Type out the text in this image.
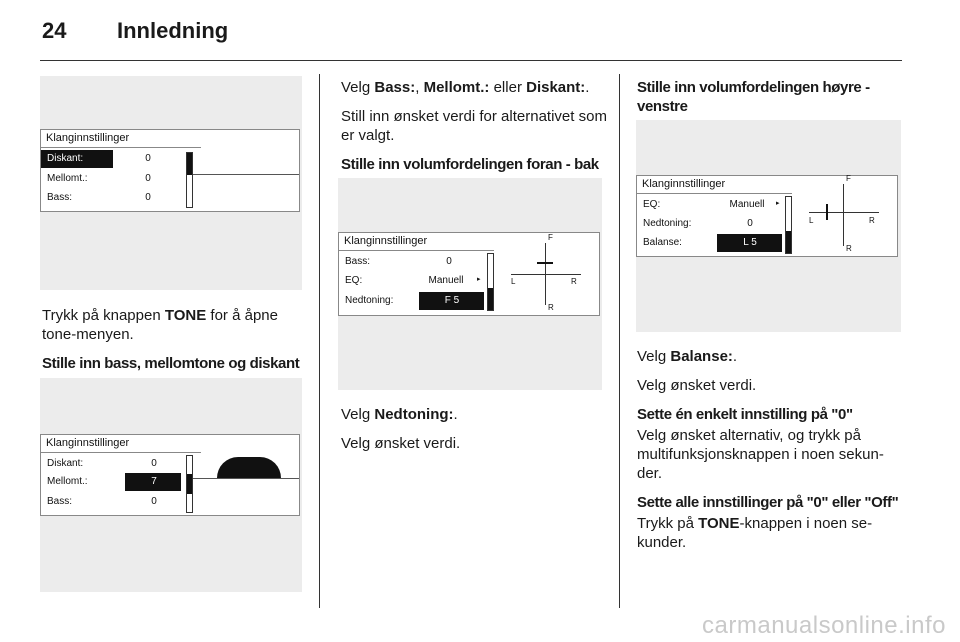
24 Innledning
Klanginnstillinger
Diskant:	0
Mellomt.:	0
Bass:	0

Trykk på knappen TONE for å åpne tone-menyen.

Stille inn bass, mellomtone og diskant

Klanginnstillinger
Diskant:	0
Mellomt.:	7
Bass:	0

Velg Bass:, Mellomt.: eller Diskant:.

Still inn ønsket verdi for alternativet som er valgt.

Stille inn volumfordelingen foran - bak

Klanginnstillinger
Bass:	0
EQ:	Manuell	▸
Nedtoning:	F 5
F
R
L	R

Velg Nedtoning:.

Velg ønsket verdi.

Stille inn volumfordelingen høyre - venstre

Klanginnstillinger
EQ:	Manuell	▸
Nedtoning:	0
Balanse:	L 5
F
R
L	R

Velg Balanse:.

Velg ønsket verdi.

Sette én enkelt innstilling på "0"

Velg ønsket alternativ, og trykk på multifunksjonsknappen i noen sekun-der.

Sette alle innstillinger på "0" eller "Off"

Trykk på TONE-knappen i noen se-kunder.

carmanualsonline.info
